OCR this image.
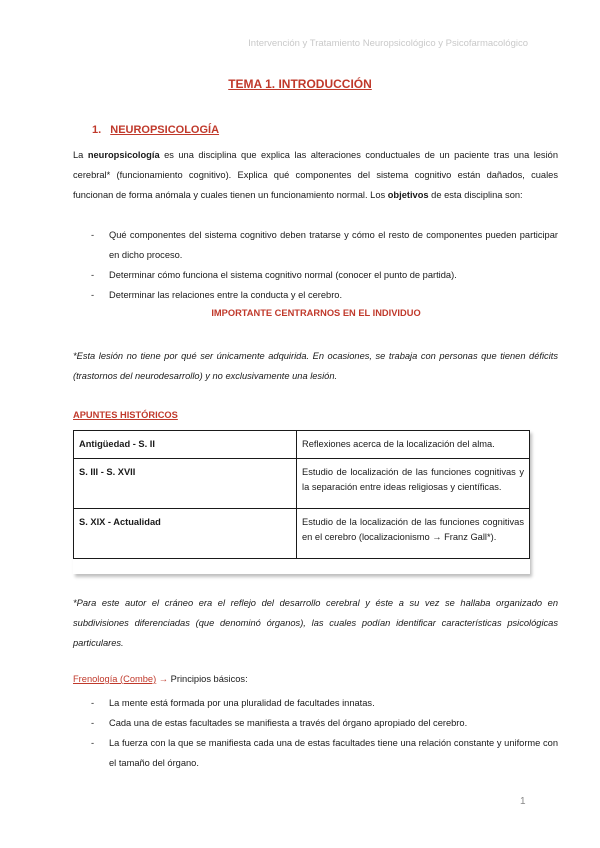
Intervención y Tratamiento Neuropsicológico y Psicofarmacológico
TEMA 1. INTRODUCCIÓN
1. NEUROPSICOLOGÍA
La neuropsicología es una disciplina que explica las alteraciones conductuales de un paciente tras una lesión cerebral* (funcionamiento cognitivo). Explica qué componentes del sistema cognitivo están dañados, cuales funcionan de forma anómala y cuales tienen un funcionamiento normal. Los objetivos de esta disciplina son:
- Qué componentes del sistema cognitivo deben tratarse y cómo el resto de componentes pueden participar en dicho proceso.
- Determinar cómo funciona el sistema cognitivo normal (conocer el punto de partida).
- Determinar las relaciones entre la conducta y el cerebro.
IMPORTANTE CENTRARNOS EN EL INDIVIDUO
*Esta lesión no tiene por qué ser únicamente adquirida. En ocasiones, se trabaja con personas que tienen déficits (trastornos del neurodesarrollo) y no exclusivamente una lesión.
APUNTES HISTÓRICOS
Antigüedad - S. II	Reflexiones acerca de la localización del alma.
S. III - S. XVII	Estudio de localización de las funciones cognitivas y la separación entre ideas religiosas y científicas.
S. XIX - Actualidad	Estudio de la localización de las funciones cognitivas en el cerebro (localizacionismo → Franz Gall*).
*Para este autor el cráneo era el reflejo del desarrollo cerebral y éste a su vez se hallaba organizado en subdivisiones diferenciadas (que denominó órganos), las cuales podían identificar características psicológicas particulares.
Frenología (Combe) → Principios básicos:
- La mente está formada por una pluralidad de facultades innatas.
- Cada una de estas facultades se manifiesta a través del órgano apropiado del cerebro.
- La fuerza con la que se manifiesta cada una de estas facultades tiene una relación constante y uniforme con el tamaño del órgano.
1
